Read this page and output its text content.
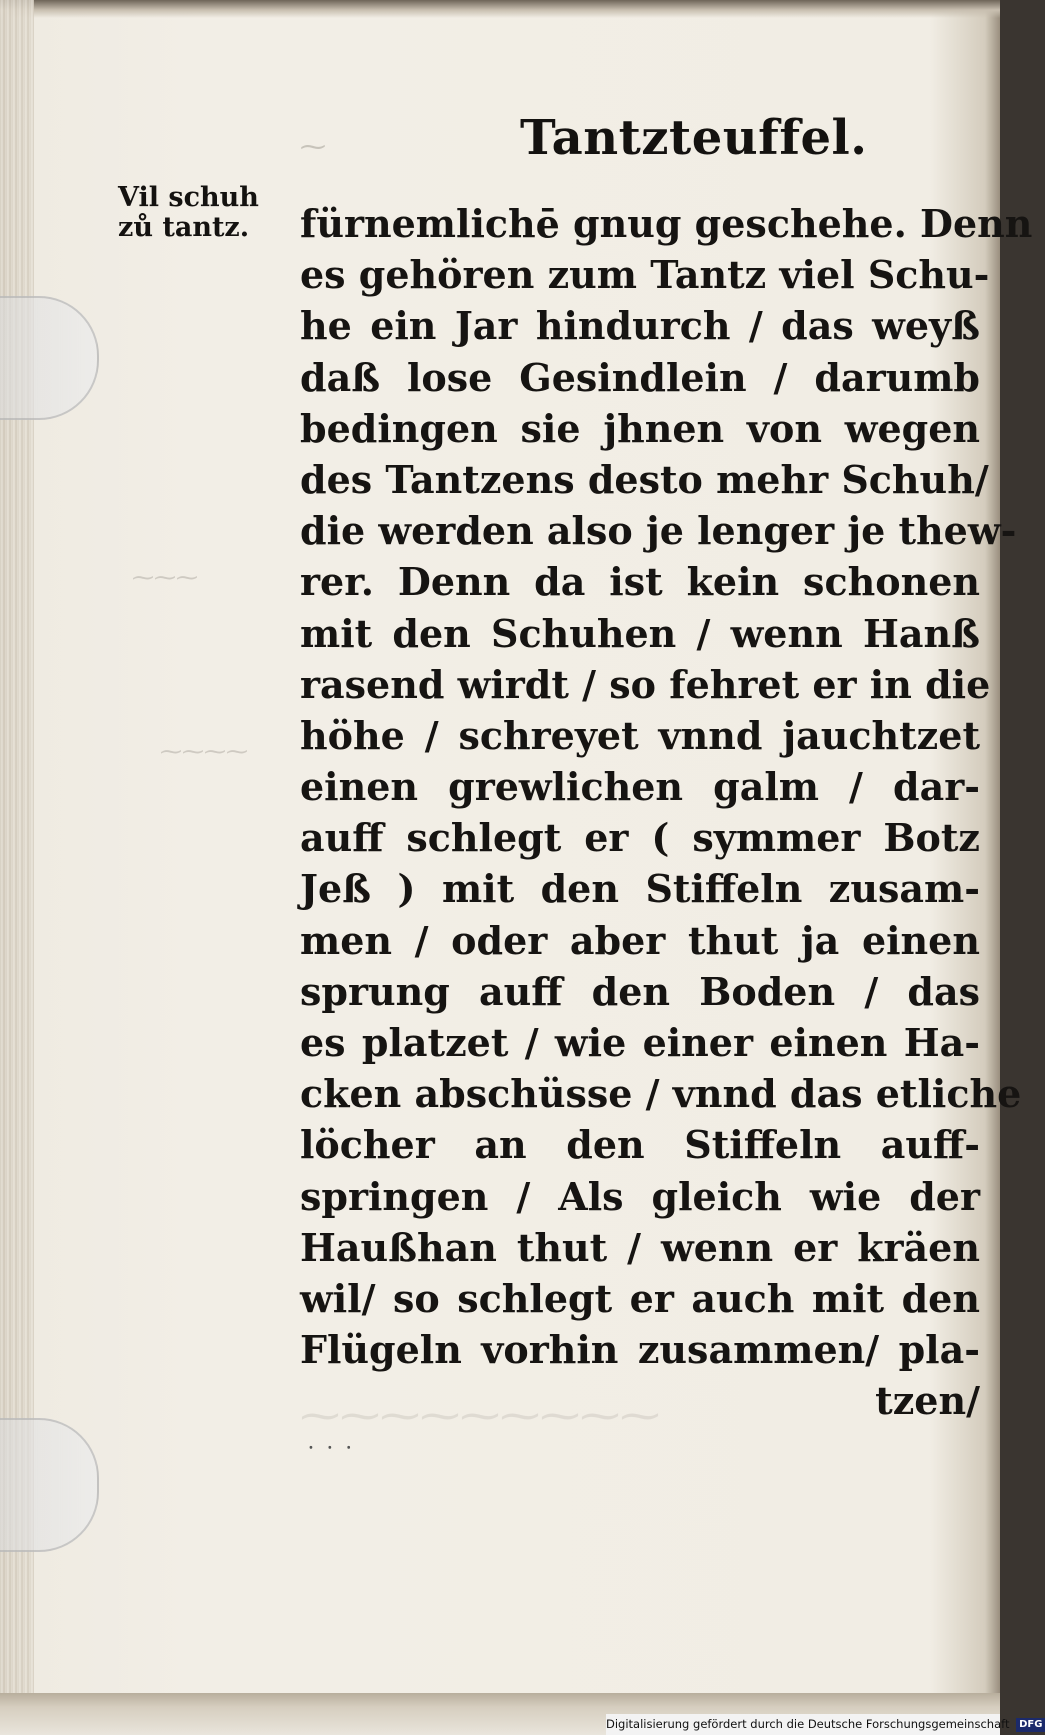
⁓⁓⁓
⁓⁓⁓⁓
⁓⁓⁓⁓⁓⁓⁓⁓⁓
⁓	Tantzteuffel.
Vil schuh
zů tantz.	fürnemlichē gnug geschehe. Denn
es gehören zum Tantz viel Schu-
he ein Jar hindurch / das weyß
daß lose Gesindlein / darumb
bedingen sie jhnen von wegen
des Tantzens desto mehr Schuh/
die werden also je lenger je thew-
rer. Denn da ist kein schonen
mit den Schuhen / wenn Hanß
rasend wirdt / so fehret er in die
höhe / schreyet vnnd jauchtzet
einen grewlichen galm / dar-
auff schlegt er ( symmer Botz
Jeß ) mit den Stiffeln zusam-
men / oder aber thut ja einen
sprung auff den Boden / das
es platzet / wie einer einen Ha-
cken abschüsse / vnnd das etliche
löcher an den Stiffeln auff-
springen / Als gleich wie der
Haußhan thut / wenn er kräen
wil/ so schlegt er auch mit den
Flügeln vorhin zusammen/ pla-
tzen/
⸱ ⸱ ⸱
Digitalisierung gefördert durch die Deutsche Forschungsgemeinschaft DFG
